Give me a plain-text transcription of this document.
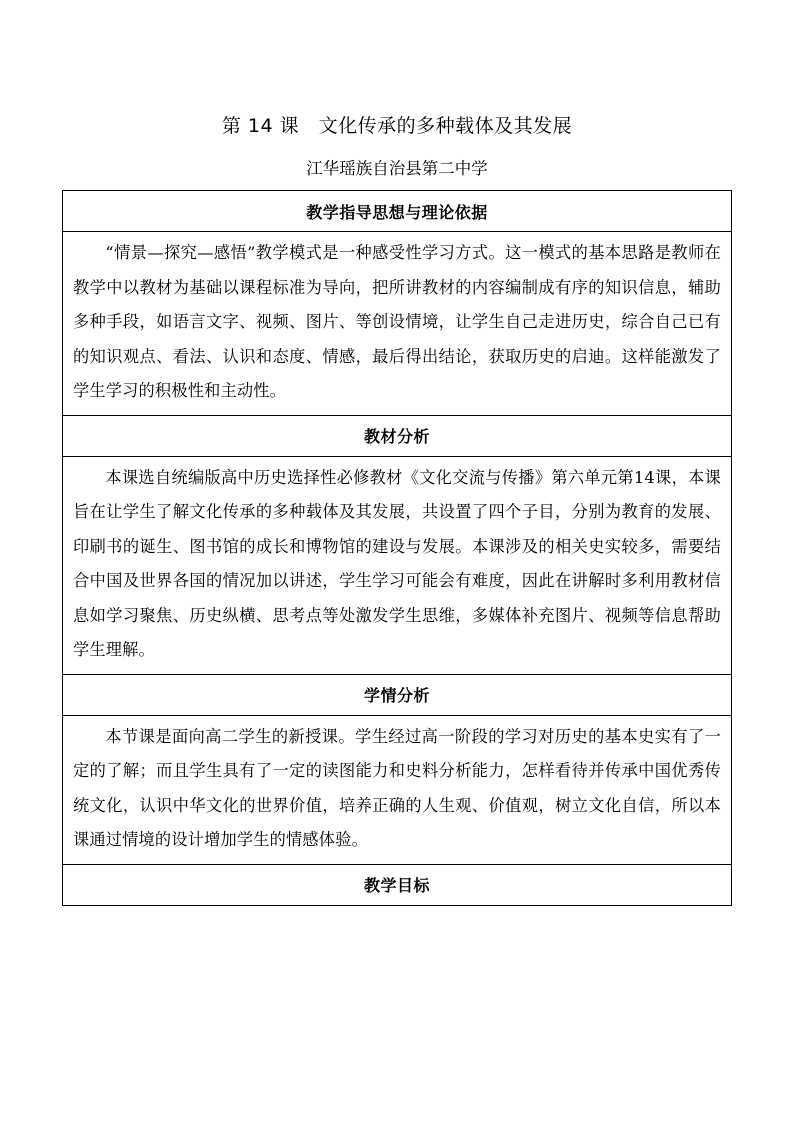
第 14 课　文化传承的多种载体及其发展
江华瑶族自治县第二中学
教学指导思想与理论依据
“情景—探究—感悟”教学模式是一种感受性学习方式。这一模式的基本思路是教师在教学中以教材为基础以课程标准为导向，把所讲教材的内容编制成有序的知识信息，辅助多种手段，如语言文字、视频、图片、等创设情境，让学生自己走进历史，综合自己已有的知识观点、看法、认识和态度、情感，最后得出结论，获取历史的启迪。这样能激发了学生学习的积极性和主动性。
教材分析
本课选自统编版高中历史选择性必修教材《文化交流与传播》第六单元第14课，本课旨在让学生了解文化传承的多种载体及其发展，共设置了四个子目，分别为教育的发展、印刷书的诞生、图书馆的成长和博物馆的建设与发展。本课涉及的相关史实较多，需要结合中国及世界各国的情况加以讲述，学生学习可能会有难度，因此在讲解时多利用教材信息如学习聚焦、历史纵横、思考点等处激发学生思维，多媒体补充图片、视频等信息帮助学生理解。
学情分析
本节课是面向高二学生的新授课。学生经过高一阶段的学习对历史的基本史实有了一定的了解；而且学生具有了一定的读图能力和史料分析能力，怎样看待并传承中国优秀传统文化，认识中华文化的世界价值，培养正确的人生观、价值观，树立文化自信，所以本课通过情境的设计增加学生的情感体验。
教学目标
